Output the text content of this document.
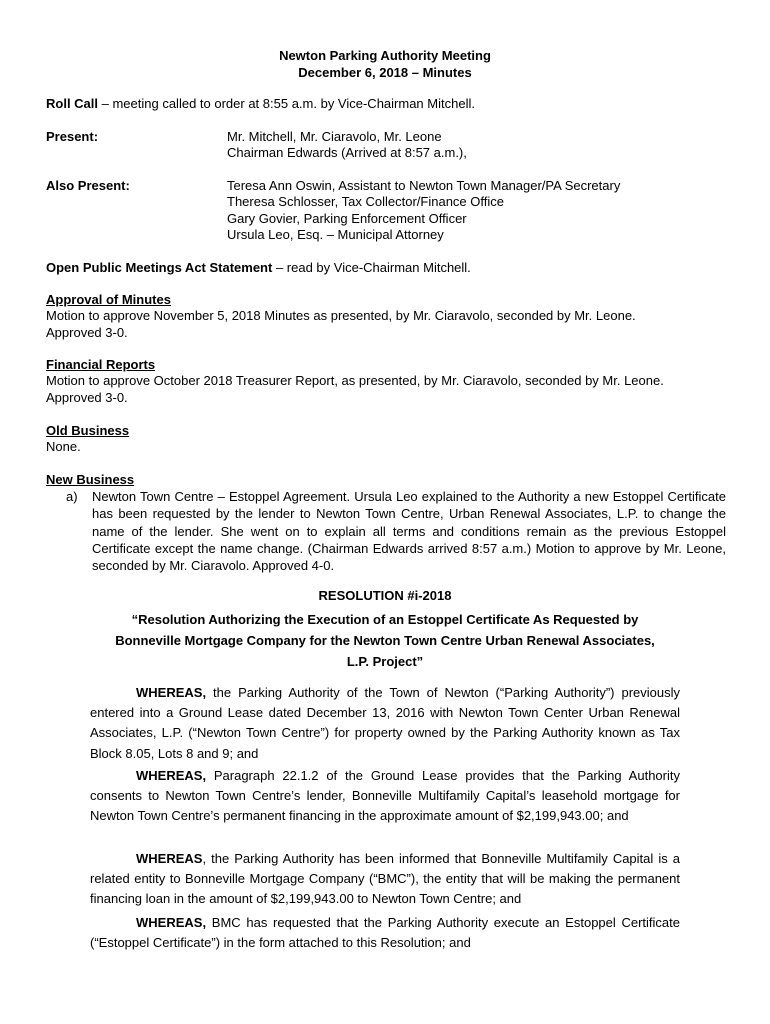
Newton Parking Authority Meeting
December 6, 2018 – Minutes
Roll Call – meeting called to order at 8:55 a.m. by Vice-Chairman Mitchell.
Present:	Mr. Mitchell, Mr. Ciaravolo, Mr. Leone
Chairman Edwards (Arrived at 8:57 a.m.),
Also Present:	Teresa Ann Oswin, Assistant to Newton Town Manager/PA Secretary
Theresa Schlosser, Tax Collector/Finance Office
Gary Govier, Parking Enforcement Officer
Ursula Leo, Esq. – Municipal Attorney
Open Public Meetings Act Statement – read by Vice-Chairman Mitchell.
Approval of Minutes
Motion to approve November 5, 2018 Minutes as presented, by Mr. Ciaravolo, seconded by Mr. Leone.
Approved 3-0.
Financial Reports
Motion to approve October 2018 Treasurer Report, as presented, by Mr. Ciaravolo, seconded by Mr. Leone.
Approved 3-0.
Old Business
None.
New Business
a) Newton Town Centre – Estoppel Agreement. Ursula Leo explained to the Authority a new Estoppel Certificate has been requested by the lender to Newton Town Centre, Urban Renewal Associates, L.P. to change the name of the lender. She went on to explain all terms and conditions remain as the previous Estoppel Certificate except the name change. (Chairman Edwards arrived 8:57 a.m.) Motion to approve by Mr. Leone, seconded by Mr. Ciaravolo. Approved 4-0.
RESOLUTION #i-2018
“Resolution Authorizing the Execution of an Estoppel Certificate As Requested by
Bonneville Mortgage Company for the Newton Town Centre Urban Renewal Associates,
L.P. Project”
WHEREAS, the Parking Authority of the Town of Newton (“Parking Authority”) previously entered into a Ground Lease dated December 13, 2016 with Newton Town Center Urban Renewal Associates, L.P. (“Newton Town Centre”) for property owned by the Parking Authority known as Tax Block 8.05, Lots 8 and 9; and
WHEREAS, Paragraph 22.1.2 of the Ground Lease provides that the Parking Authority consents to Newton Town Centre’s lender, Bonneville Multifamily Capital’s leasehold mortgage for Newton Town Centre’s permanent financing in the approximate amount of $2,199,943.00; and
WHEREAS, the Parking Authority has been informed that Bonneville Multifamily Capital is a related entity to Bonneville Mortgage Company (“BMC”), the entity that will be making the permanent financing loan in the amount of $2,199,943.00 to Newton Town Centre; and
WHEREAS, BMC has requested that the Parking Authority execute an Estoppel Certificate (“Estoppel Certificate”) in the form attached to this Resolution; and
